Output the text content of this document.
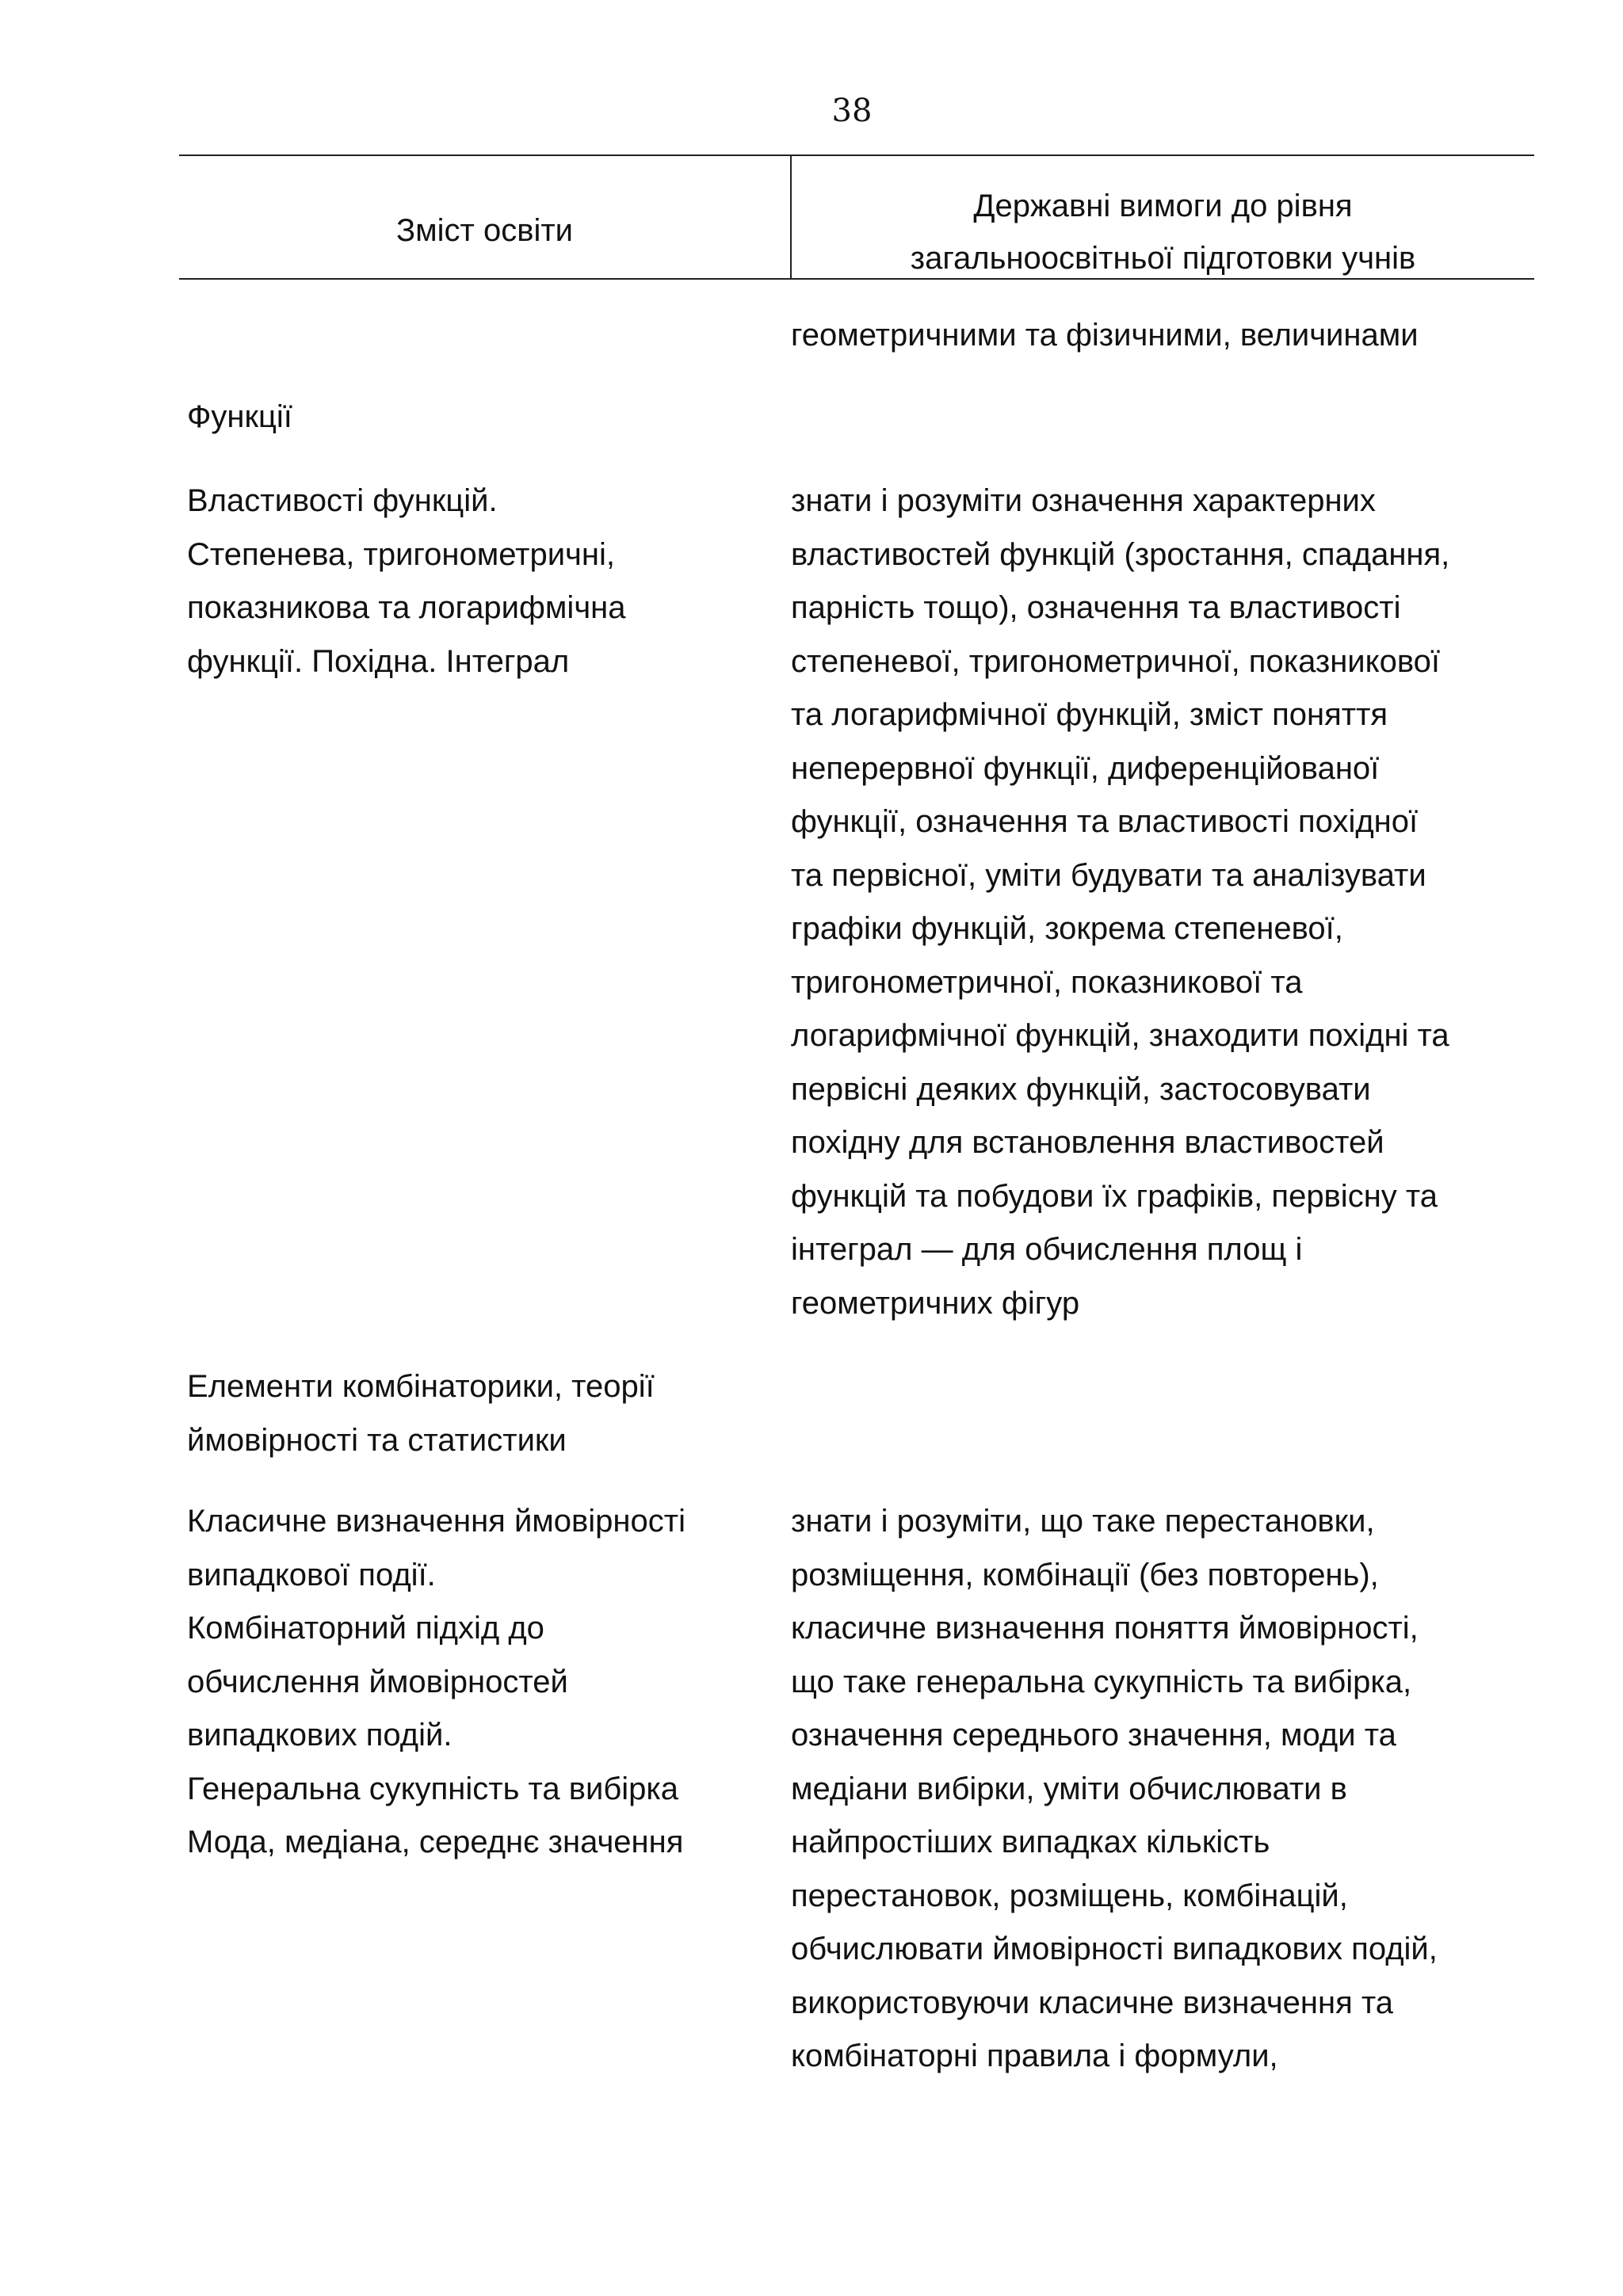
38
Зміст освіти
Державні вимоги до рівня
загальноосвітньої підготовки учнів
геометричними та фізичними, величинами
Функції
Властивості функцій.
Степенева, тригонометричні,
показникова та логарифмічна
функції. Похідна. Інтеграл
знати і розуміти означення характерних
властивостей функцій (зростання, спадання,
парність тощо), означення та властивості
степеневої, тригонометричної, показникової
та логарифмічної функцій, зміст поняття
неперервної функції, диференційованої
функції, означення та властивості похідної
та первісної, уміти будувати та аналізувати
графіки функцій, зокрема степеневої,
тригонометричної, показникової та
логарифмічної функцій, знаходити похідні та
первісні деяких функцій, застосовувати
похідну для встановлення властивостей
функцій та побудови їх графіків, первісну та
інтеграл — для обчислення площ і
геометричних фігур
Елементи комбінаторики, теорії
ймовірності та статистики
Класичне визначення ймовірності
випадкової події.
Комбінаторний підхід до
обчислення ймовірностей
випадкових подій.
Генеральна сукупність та вибірка
Мода, медіана, середнє значення
знати і розуміти, що таке перестановки,
розміщення, комбінації (без повторень),
класичне визначення поняття ймовірності,
що таке генеральна сукупність та вибірка,
означення середнього значення, моди та
медіани вибірки, уміти обчислювати в
найпростіших випадках кількість
перестановок, розміщень, комбінацій,
обчислювати ймовірності випадкових подій,
використовуючи класичне визначення та
комбінаторні правила і формули,
